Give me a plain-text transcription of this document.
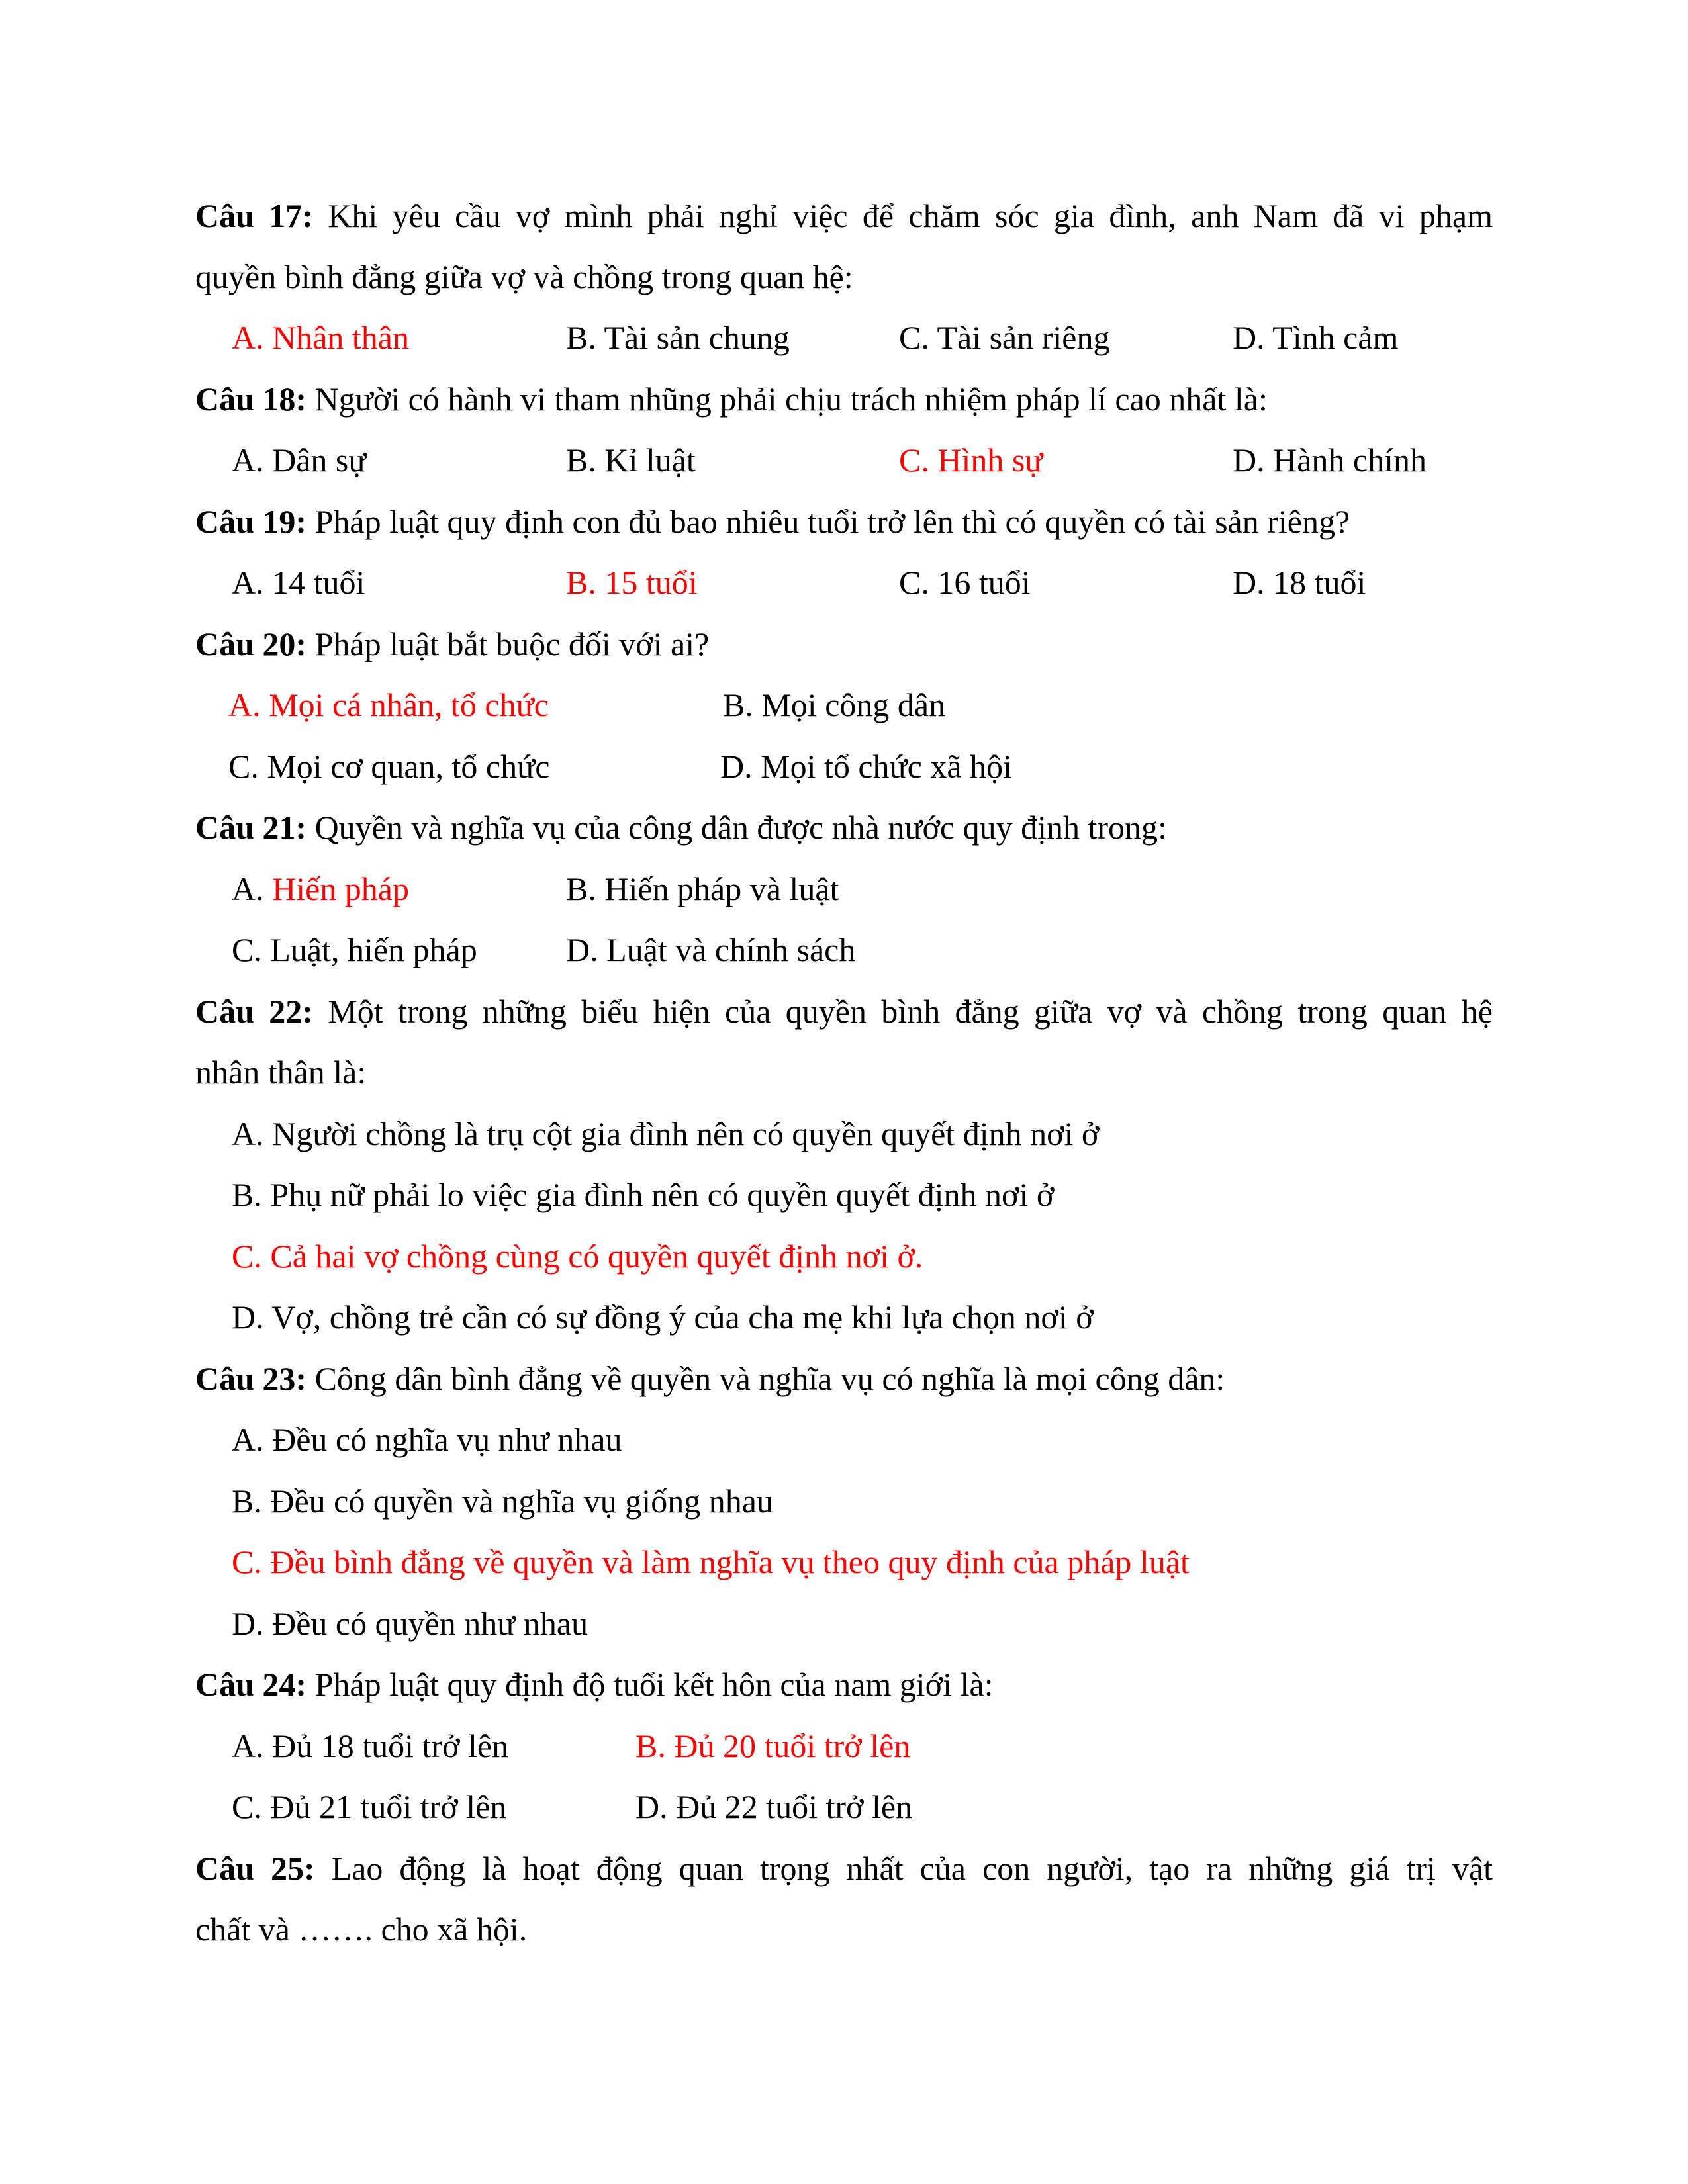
Câu 17: Khi yêu cầu vợ mình phải nghỉ việc để chăm sóc gia đình, anh Nam đã vi phạm
quyền bình đẳng giữa vợ và chồng trong quan hệ:
A. Nhân thân	B. Tài sản chung	C. Tài sản riêng	D. Tình cảm
Câu 18: Người có hành vi tham nhũng phải chịu trách nhiệm pháp lí cao nhất là:
A. Dân sự	B. Kỉ luật	C. Hình sự	D. Hành chính
Câu 19: Pháp luật quy định con đủ bao nhiêu tuổi trở lên thì có quyền có tài sản riêng?
A. 14 tuổi	B. 15 tuổi	C. 16 tuổi	D. 18 tuổi
Câu 20: Pháp luật bắt buộc đối với ai?
A. Mọi cá nhân, tổ chức	B. Mọi công dân
C. Mọi cơ quan, tổ chức	D. Mọi tổ chức xã hội
Câu 21: Quyền và nghĩa vụ của công dân được nhà nước quy định trong:
A. Hiến pháp	B. Hiến pháp và luật
C. Luật, hiến pháp	D. Luật và chính sách
Câu 22: Một trong những biểu hiện của quyền bình đẳng giữa vợ và chồng trong quan hệ
nhân thân là:
A. Người chồng là trụ cột gia đình nên có quyền quyết định nơi ở
B. Phụ nữ phải lo việc gia đình nên có quyền quyết định nơi ở
C. Cả hai vợ chồng cùng có quyền quyết định nơi ở.
D. Vợ, chồng trẻ cần có sự đồng ý của cha mẹ khi lựa chọn nơi ở
Câu 23: Công dân bình đẳng về quyền và nghĩa vụ có nghĩa là mọi công dân:
A. Đều có nghĩa vụ như nhau
B. Đều có quyền và nghĩa vụ giống nhau
C. Đều bình đẳng về quyền và làm nghĩa vụ theo quy định của pháp luật
D. Đều có quyền như nhau
Câu 24: Pháp luật quy định độ tuổi kết hôn của nam giới là:
A. Đủ 18 tuổi trở lên	B. Đủ 20 tuổi trở lên
C. Đủ 21 tuổi trở lên	D. Đủ 22 tuổi trở lên
Câu 25: Lao động là hoạt động quan trọng nhất của con người, tạo ra những giá trị vật
chất và ……. cho xã hội.
